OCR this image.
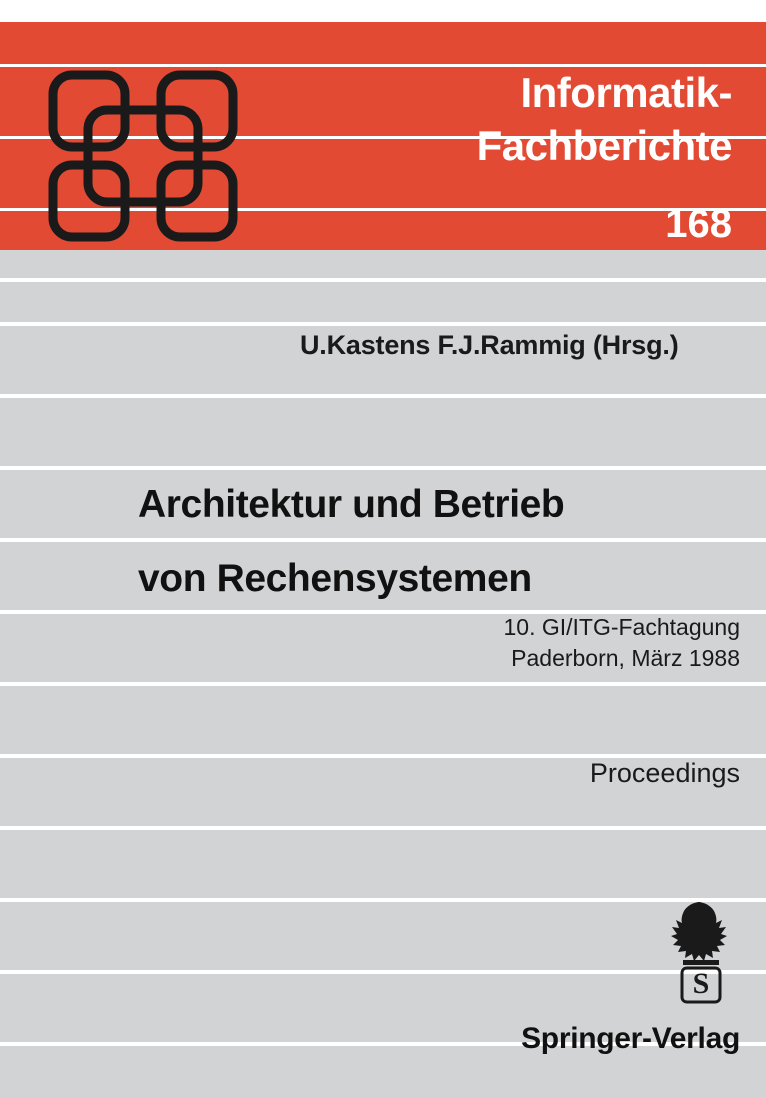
Informatik-
Fachberichte
168
U.Kastens F.J.Rammig (Hrsg.)
Architektur und Betrieb
von Rechensystemen
10. GI/ITG-Fachtagung
Paderborn, März 1988
Proceedings
S
Springer-Verlag
